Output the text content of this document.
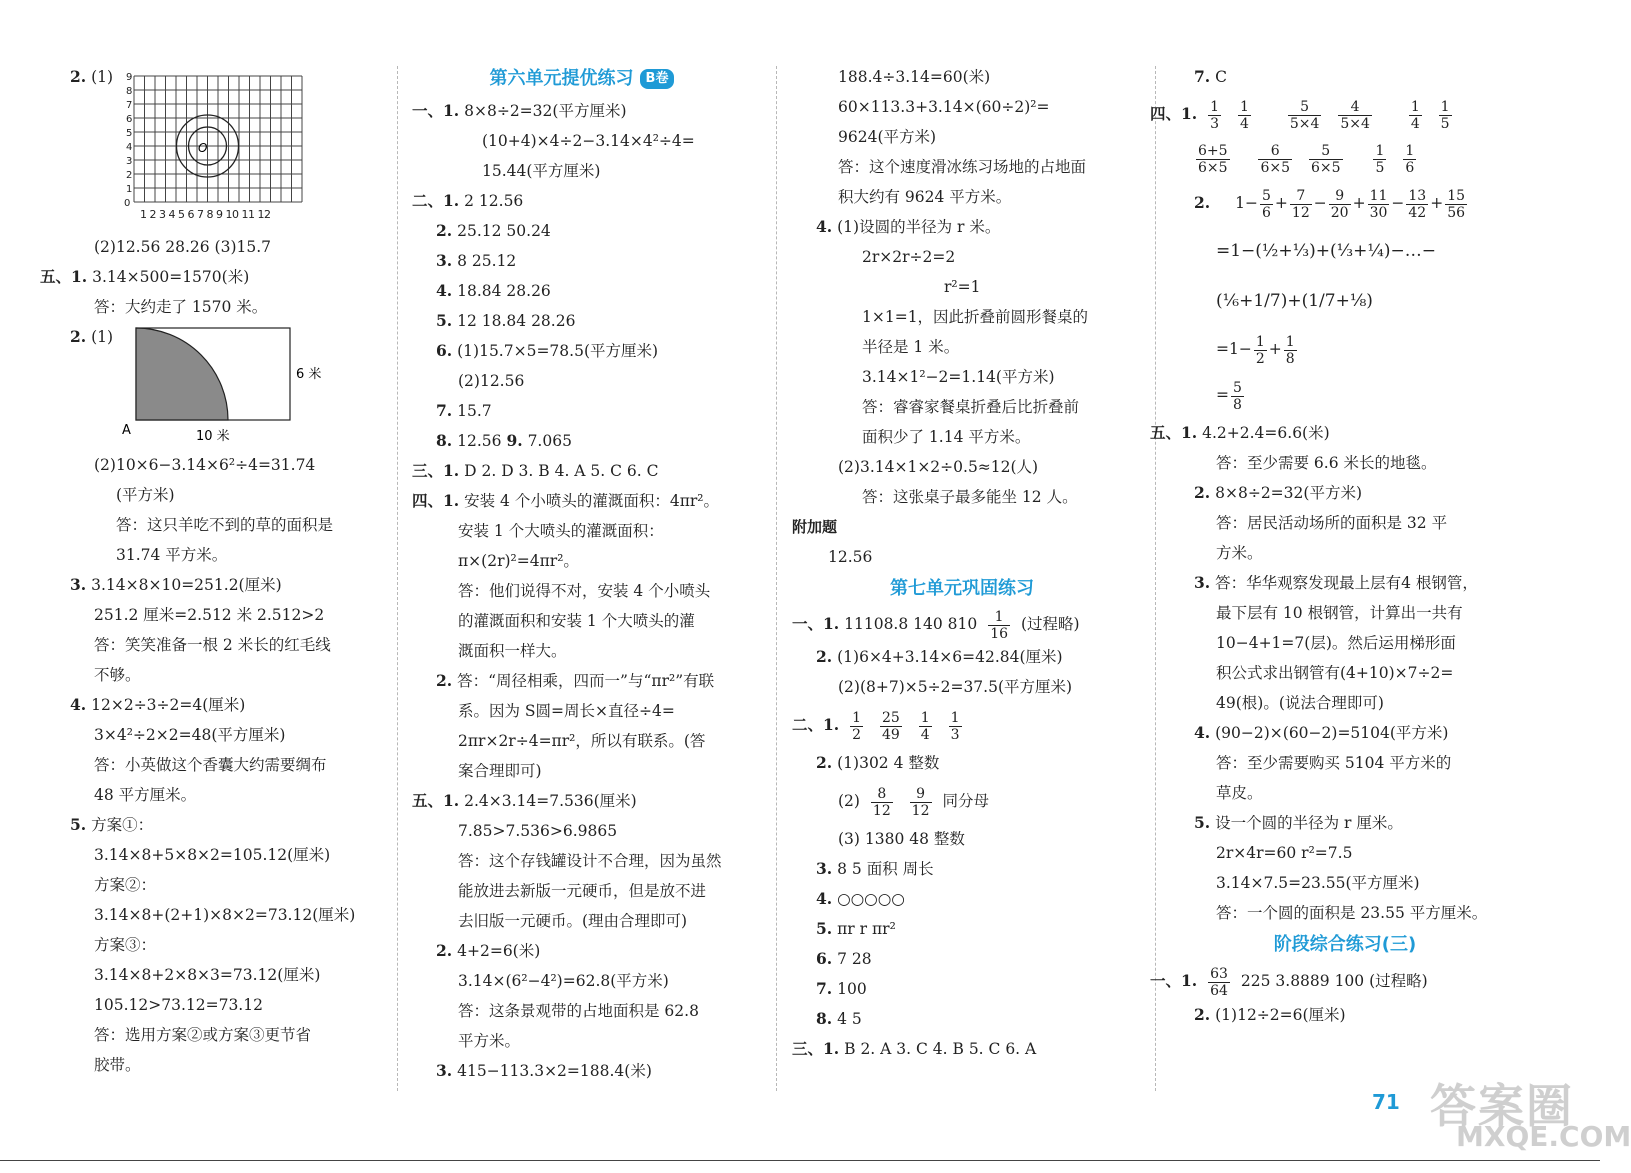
2. (1)
O
0
1
2
3
4
5
6
7
8
9
1 2 3 4 5 6 7 8 9 10 11 12
(2)12.56 28.26 (3)15.7
五、1. 3.14×500=1570(米)
答：大约走了 1570 米。
2. (1)
6 米
10 米
A
(2)10×6−3.14×6²÷4=31.74
(平方米)
答：这只羊吃不到的草的面积是
31.74 平方米。
3. 3.14×8×10=251.2(厘米)
251.2 厘米=2.512 米 2.512>2
答：笑笑准备一根 2 米长的红毛线
不够。
4. 12×2÷3÷2=4(厘米)
3×4²÷2×2=48(平方厘米)
答：小英做这个香囊大约需要绸布
48 平方厘米。
5. 方案①：
3.14×8+5×8×2=105.12(厘米)
方案②：
3.14×8+(2+1)×8×2=73.12(厘米)
方案③：
3.14×8+2×8×3=73.12(厘米)
105.12>73.12=73.12
答：选用方案②或方案③更节省
胶带。
第六单元提优练习 B卷
一、1. 8×8÷2=32(平方厘米)
(10+4)×4÷2−3.14×4²÷4=
15.44(平方厘米)
二、1. 2 12.56
2. 25.12 50.24
3. 8 25.12
4. 18.84 28.26
5. 12 18.84 28.26
6. (1)15.7×5=78.5(平方厘米)
(2)12.56
7. 15.7
8. 12.56 9. 7.065
三、1. D 2. D 3. B 4. A 5. C 6. C
四、1. 安装 4 个小喷头的灌溉面积：4πr²。
安装 1 个大喷头的灌溉面积：
π×(2r)²=4πr²。
答：他们说得不对，安装 4 个小喷头
的灌溉面积和安装 1 个大喷头的灌
溉面积一样大。
2. 答：“周径相乘，四而一”与“πr²”有联
系。因为 S圆=周长×直径÷4=
2πr×2r÷4=πr²，所以有联系。(答
案合理即可)
五、1. 2.4×3.14=7.536(厘米)
7.85>7.536>6.9865
答：这个存钱罐设计不合理，因为虽然
能放进去新版一元硬币，但是放不进
去旧版一元硬币。(理由合理即可)
2. 4+2=6(米)
3.14×(6²−4²)=62.8(平方米)
答：这条景观带的占地面积是 62.8
平方米。
3. 415−113.3×2=188.4(米)
188.4÷3.14=60(米)
60×113.3+3.14×(60÷2)²=
9624(平方米)
答：这个速度滑冰练习场地的占地面
积大约有 9624 平方米。
4. (1)设圆的半径为 r 米。
2r×2r÷2=2
r²=1
1×1=1，因此折叠前圆形餐桌的
半径是 1 米。
3.14×1²−2=1.14(平方米)
答：睿睿家餐桌折叠后比折叠前
面积少了 1.14 平方米。
(2)3.14×1×2÷0.5≈12(人)
答：这张桌子最多能坐 12 人。
附加题
12.56
第七单元巩固练习
一、1. 11108.8 140 $810 \frac{1}{16}$ (过程略)
2. (1)6×4+3.14×6=42.84(厘米)
(2)(8+7)×5÷2=37.5(平方厘米)
二、1. $\frac{1}{2}$
$\frac{25}{49}$
$\frac{1}{4}$
$\frac{1}{3}$
2. (1)302 4 整数
$(2) \frac{8}{12}$
$\frac{9}{12}$ 同分母
(3) 1380 48 整数
3. 8 5 面积 周长
4. ○○○○○
5. πr r πr²
6. 7 28
7. 100
8. 4 5
三、1. B 2. A 3. C 4. B 5. C 6. A
7. C
四、1. $\frac{1}{3}$
$\frac{1}{4}$
	$\frac{5}{5\times 4}$
$\frac{4}{5\times 4}$
	$\frac{1}{4}$
$\frac{1}{5}$
$\frac{6+5}{6\times 5}$
$\frac{6}{6\times 5}$
$\frac{5}{6\times 5}$
$\frac{1}{5}$
$\frac{1}{6}$
2. $1- \frac{5}{6} + \frac{7}{12} - \frac{9}{20} + \frac{11}{30} - \frac{13}{42} + \frac{15}{56}$
=1−(½+⅓)+(⅓+¼)−…−
(⅙+1/7)+(1/7+⅛)
$=1- \frac{1}{2} + \frac{1}{8}$
= $\frac{5}{8}$
五、1. 4.2+2.4=6.6(米)
答：至少需要 6.6 米长的地毯。
2. 8×8÷2=32(平方米)
答：居民活动场所的面积是 32 平
方米。
3. 答：华华观察发现最上层有4 根钢管，
最下层有 10 根钢管，计算出一共有
10−4+1=7(层)。然后运用梯形面
积公式求出钢管有(4+10)×7÷2=
49(根)。(说法合理即可)
4. (90−2)×(60−2)=5104(平方米)
答：至少需要购买 5104 平方米的
草皮。
5. 设一个圆的半径为 r 厘米。
2r×4r=60 r²=7.5
3.14×7.5=23.55(平方厘米)
答：一个圆的面积是 23.55 平方厘米。
阶段综合练习(三)
一、1. $\frac{63}{64} 225$ 3.8889 100 (过程略)
2. (1)12÷2=6(厘米)
71 答案圈
MXQE.COM
